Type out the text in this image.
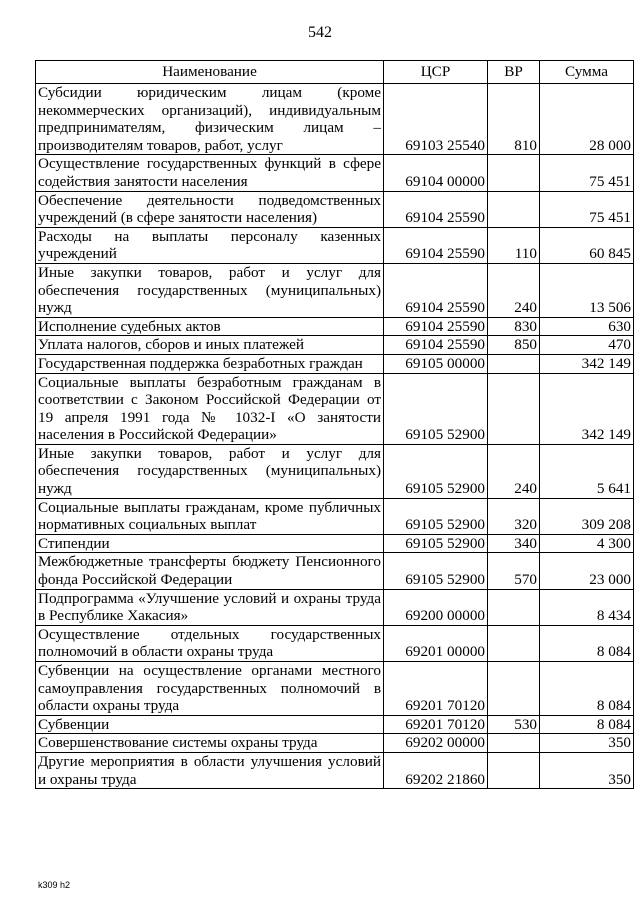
542
Наименование	ЦСР	ВР	Сумма
Субсидии юридическим лицам (кроме некоммерческих организаций), индивидуальным предпринимателям, физическим лицам – производителям товаров, работ, услуг	69103 25540	810	28 000
Осуществление государственных функций в сфере содействия занятости населения	69104 00000		75 451
Обеспечение деятельности подведомственных учреждений (в сфере занятости населения)	69104 25590		75 451
Расходы на выплаты персоналу казенных учреждений	69104 25590	110	60 845
Иные закупки товаров, работ и услуг для обеспечения государственных (муниципальных) нужд	69104 25590	240	13 506
Исполнение судебных актов	69104 25590	830	630
Уплата налогов, сборов и иных платежей	69104 25590	850	470
Государственная поддержка безработных граждан	69105 00000		342 149
Социальные выплаты безработным гражданам в соответствии с Законом Российской Федерации от 19 апреля 1991 года № 1032-I «О занятости населения в Российской Федерации»	69105 52900		342 149
Иные закупки товаров, работ и услуг для обеспечения государственных (муниципальных) нужд	69105 52900	240	5 641
Социальные выплаты гражданам, кроме публичных нормативных социальных выплат	69105 52900	320	309 208
Стипендии	69105 52900	340	4 300
Межбюджетные трансферты бюджету Пенсионного фонда Российской Федерации	69105 52900	570	23 000
Подпрограмма «Улучшение условий и охраны труда в Республике Хакасия»	69200 00000		8 434
Осуществление отдельных государственных полномочий в области охраны труда	69201 00000		8 084
Субвенции на осуществление органами местного самоуправления государственных полномочий в области охраны труда	69201 70120		8 084
Субвенции	69201 70120	530	8 084
Совершенствование системы охраны труда	69202 00000		350
Другие мероприятия в области улучшения условий и охраны труда	69202 21860		350
k309 h2
